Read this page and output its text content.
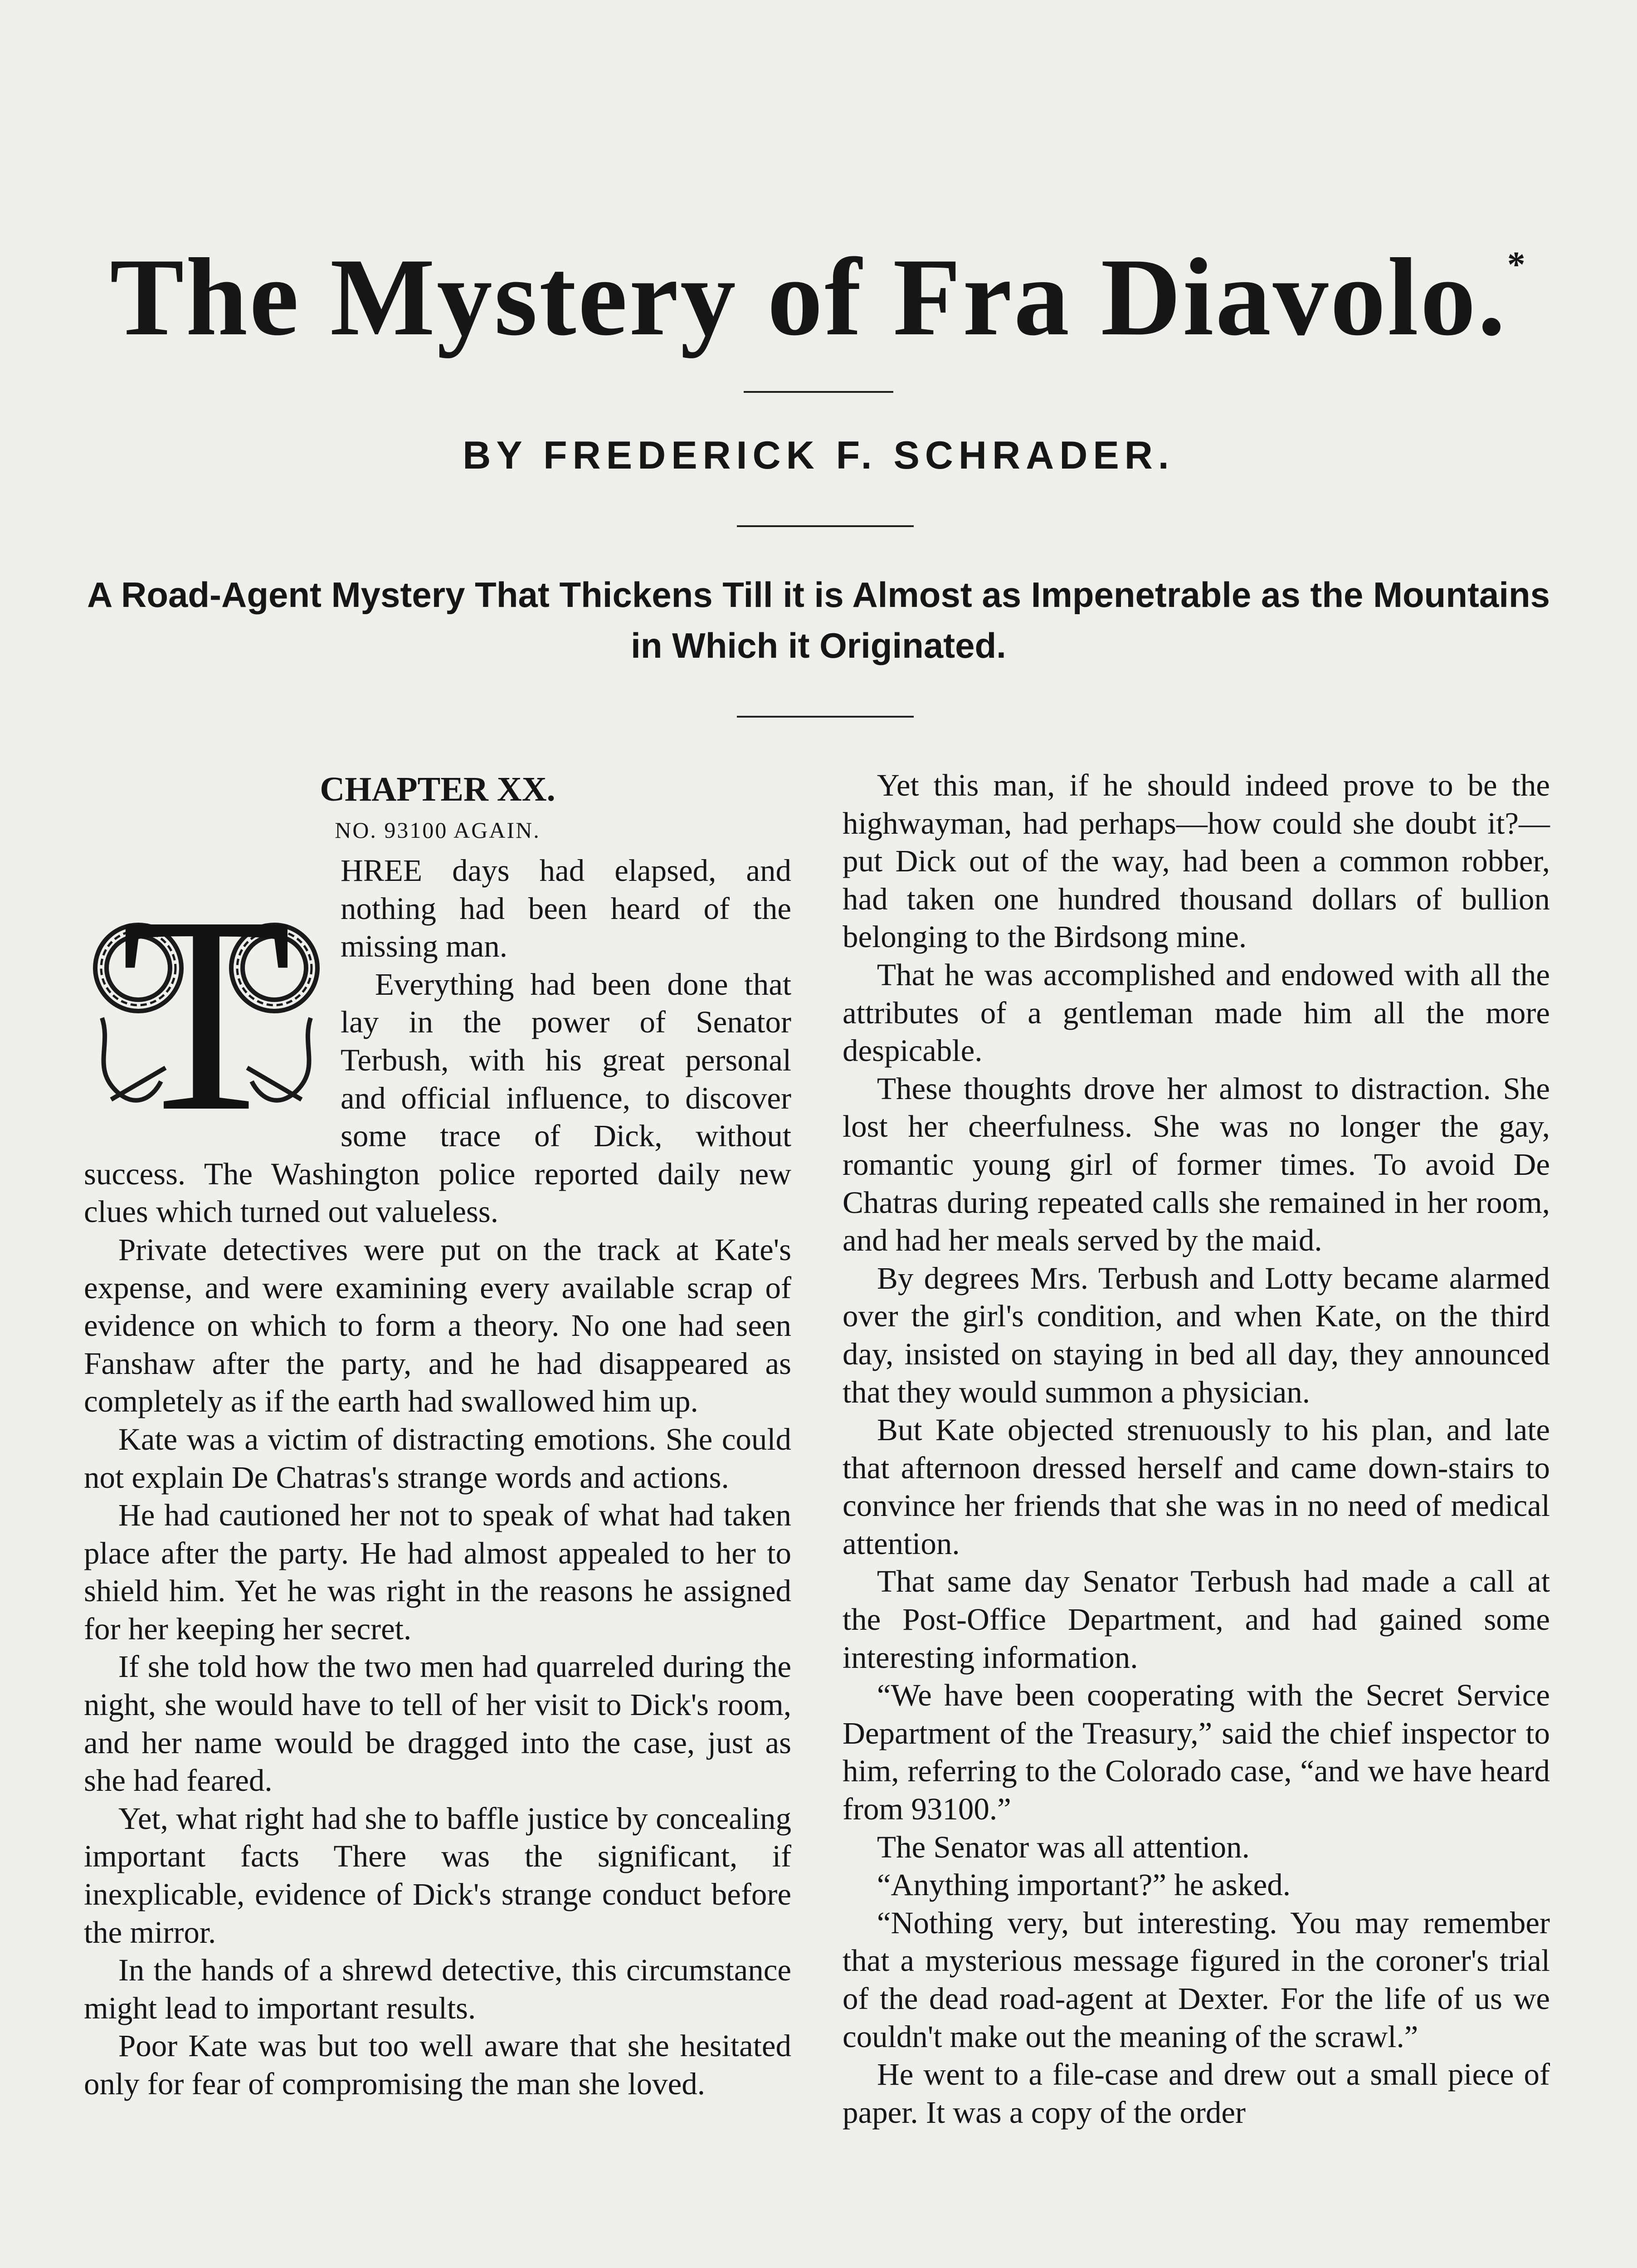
The Mystery of Fra Diavolo.*
BY FREDERICK F. SCHRADER.
A Road-Agent Mystery That Thickens Till it is Almost as Impenetrable as the Mountains in Which it Originated.
CHAPTER XX.
NO. 93100 AGAIN.
T	HREE days had elapsed, and nothing had been heard of the missing man.

Everything had been done that lay in the power of Senator Terbush, with his great personal and official influence, to discover some trace of Dick, without success. The Washington police reported daily new clues which turned out valueless.

Private detectives were put on the track at Kate's expense, and were examining every available scrap of evidence on which to form a theory. No one had seen Fanshaw after the party, and he had disappeared as completely as if the earth had swallowed him up.

Kate was a victim of distracting emotions. She could not explain De Chatras's strange words and actions.

He had cautioned her not to speak of what had taken place after the party. He had almost appealed to her to shield him. Yet he was right in the reasons he assigned for her keeping her secret.

If she told how the two men had quarreled during the night, she would have to tell of her visit to Dick's room, and her name would be dragged into the case, just as she had feared.

Yet, what right had she to baffle justice by concealing important facts There was the significant, if inexplicable, evidence of Dick's strange conduct before the mirror.

In the hands of a shrewd detective, this circumstance might lead to important results.

Poor Kate was but too well aware that she hesitated only for fear of compromising the man she loved.

Yet this man, if he should indeed prove to be the highwayman, had perhaps—how could she doubt it?—put Dick out of the way, had been a common robber, had taken one hundred thousand dollars of bullion belonging to the Birdsong mine.

That he was accomplished and endowed with all the attributes of a gentleman made him all the more despicable.

These thoughts drove her almost to distraction. She lost her cheerfulness. She was no longer the gay, romantic young girl of former times. To avoid De Chatras during repeated calls she remained in her room, and had her meals served by the maid.

By degrees Mrs. Terbush and Lotty became alarmed over the girl's condition, and when Kate, on the third day, insisted on staying in bed all day, they announced that they would summon a physician.

But Kate objected strenuously to his plan, and late that afternoon dressed herself and came down-stairs to convince her friends that she was in no need of medical attention.

That same day Senator Terbush had made a call at the Post-Office Department, and had gained some interesting information.

“We have been cooperating with the Secret Service Department of the Treasury,” said the chief inspector to him, referring to the Colorado case, “and we have heard from 93100.”

The Senator was all attention.

“Anything important?” he asked.

“Nothing very, but interesting. You may remember that a mysterious message figured in the coroner's trial of the dead road-agent at Dexter. For the life of us we couldn't make out the meaning of the scrawl.”

He went to a file-case and drew out a small piece of paper. It was a copy of the order
